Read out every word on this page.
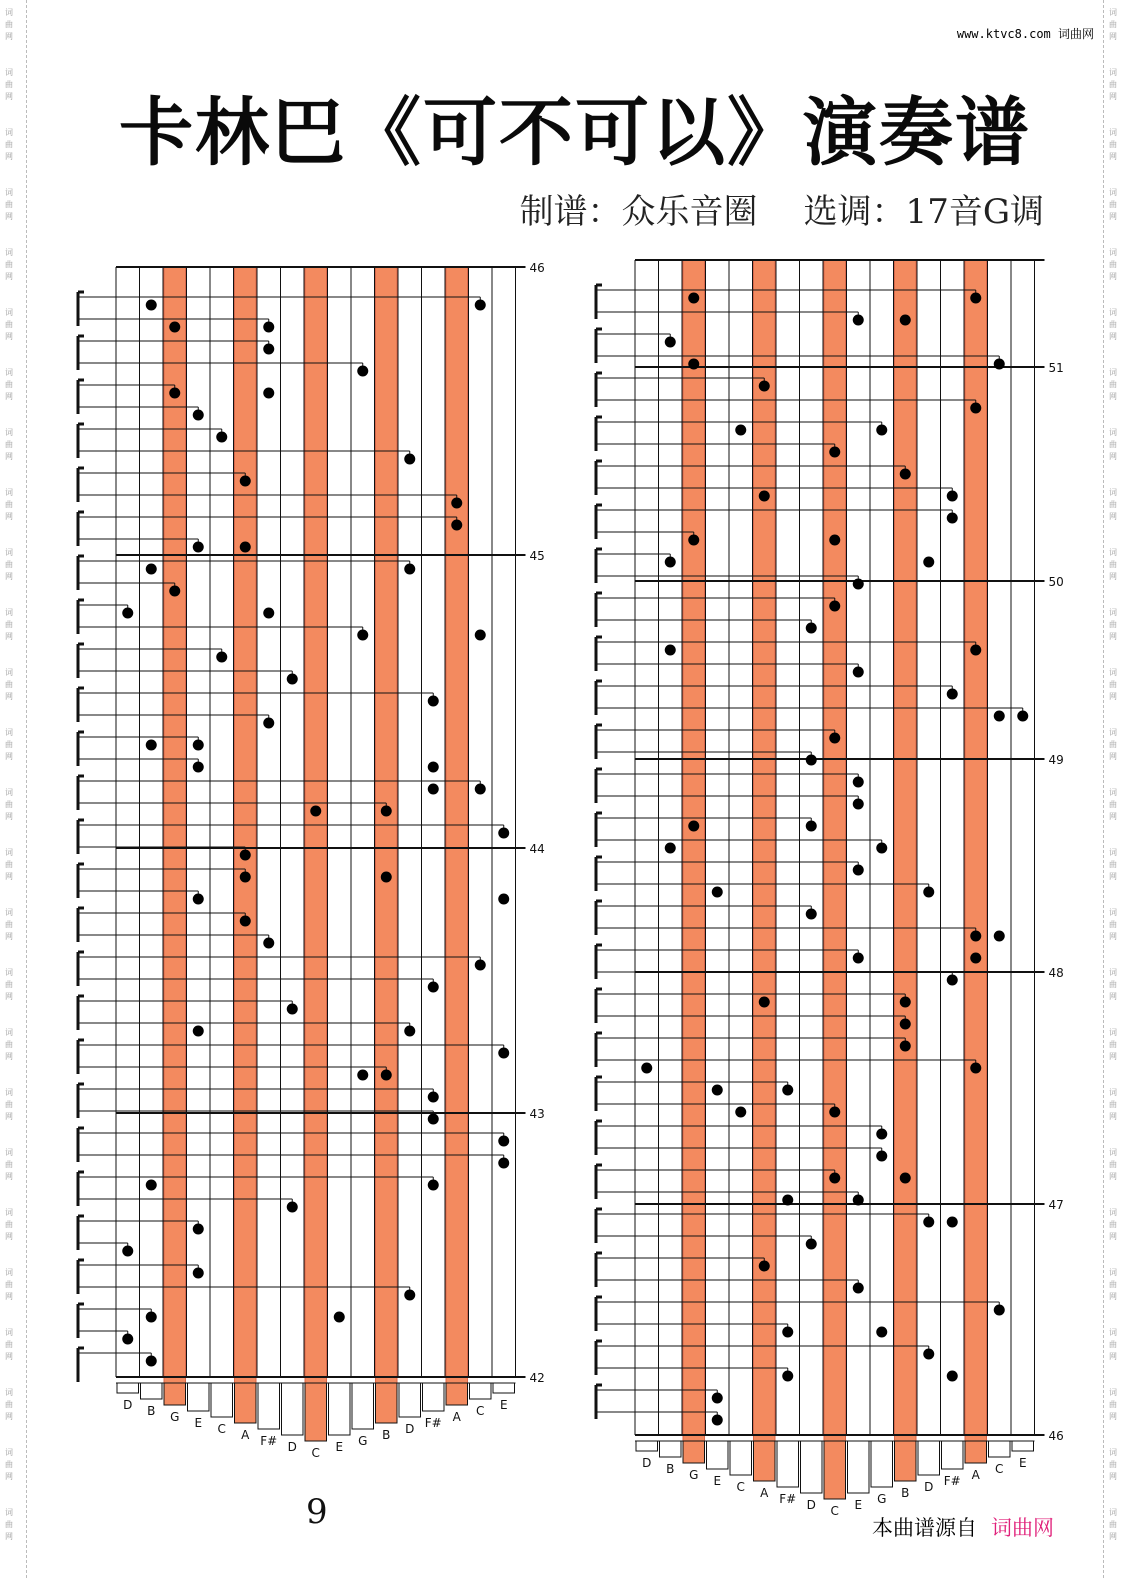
词
曲
网
词
曲
网
词
曲
网
词
曲
网
词
曲
网
词
曲
网
词
曲
网
词
曲
网
词
曲
网
词
曲
网
词
曲
网
词
曲
网
词
曲
网
词
曲
网
词
曲
网
词
曲
网
词
曲
网
词
曲
网
词
曲
网
词
曲
网
词
曲
网
词
曲
网
词
曲
网
词
曲
网
词
曲
网
词
曲
网
词
曲
网
词
曲
网
词
曲
网
词
曲
网
词
曲
网
词
曲
网
词
曲
网
词
曲
网
词
曲
网
词
曲
网
词
曲
网
词
曲
网
词
曲
网
词
曲
网
词
曲
网
词
曲
网
词
曲
网
词
曲
网
词
曲
网
词
曲
网
词
曲
网
词
曲
网
词
曲
网
词
曲
网
词
曲
网
词
曲
网
www.ktvc8.com 词曲网
卡林巴《可不可以》演奏谱
制谱：众乐音圈 选调：17音G调
D B G E C A F# D C E G B D F# A C E
46
45
44
43
42
D B G E C A F# D C E G B D F# A C E
51
50
49
48
47
46
9	本曲谱源自 词曲网
